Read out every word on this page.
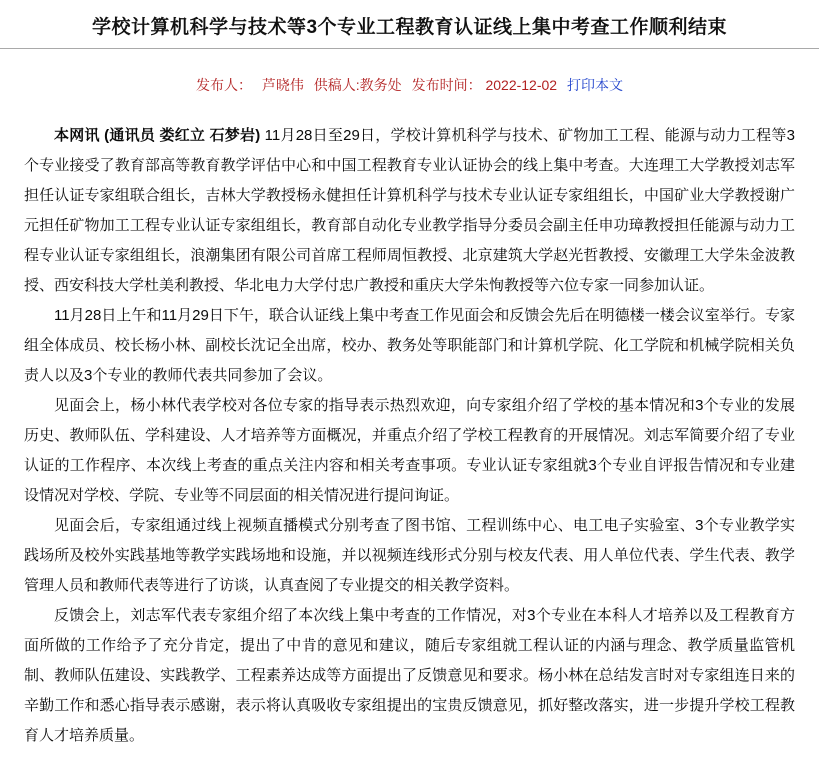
学校计算机科学与技术等3个专业工程教育认证线上集中考查工作顺利结束
发布人： 芦晓伟 供稿人:教务处 发布时间： 2022-12-02 打印本文

本网讯 (通讯员 娄红立 石梦岩) 11月28日至29日，学校计算机科学与技术、矿物加工工程、能源与动力工程等3个专业接受了教育部高等教育教学评估中心和中国工程教育专业认证协会的线上集中考查。大连理工大学教授刘志军担任认证专家组联合组长，吉林大学教授杨永健担任计算机科学与技术专业认证专家组组长，中国矿业大学教授谢广元担任矿物加工工程专业认证专家组组长，教育部自动化专业教学指导分委员会副主任申功璋教授担任能源与动力工程专业认证专家组组长，浪潮集团有限公司首席工程师周恒教授、北京建筑大学赵光哲教授、安徽理工大学朱金波教授、西安科技大学杜美利教授、华北电力大学付忠广教授和重庆大学朱恂教授等六位专家一同参加认证。

11月28日上午和11月29日下午，联合认证线上集中考查工作见面会和反馈会先后在明德楼一楼会议室举行。专家组全体成员、校长杨小林、副校长沈记全出席，校办、教务处等职能部门和计算机学院、化工学院和机械学院相关负责人以及3个专业的教师代表共同参加了会议。

见面会上，杨小林代表学校对各位专家的指导表示热烈欢迎，向专家组介绍了学校的基本情况和3个专业的发展历史、教师队伍、学科建设、人才培养等方面概况，并重点介绍了学校工程教育的开展情况。刘志军简要介绍了专业认证的工作程序、本次线上考查的重点关注内容和相关考查事项。专业认证专家组就3个专业自评报告情况和专业建设情况对学校、学院、专业等不同层面的相关情况进行提问询证。

见面会后，专家组通过线上视频直播模式分别考查了图书馆、工程训练中心、电工电子实验室、3个专业教学实践场所及校外实践基地等教学实践场地和设施，并以视频连线形式分别与校友代表、用人单位代表、学生代表、教学管理人员和教师代表等进行了访谈，认真查阅了专业提交的相关教学资料。

反馈会上，刘志军代表专家组介绍了本次线上集中考查的工作情况，对3个专业在本科人才培养以及工程教育方面所做的工作给予了充分肯定，提出了中肯的意见和建议，随后专家组就工程认证的内涵与理念、教学质量监管机制、教师队伍建设、实践教学、工程素养达成等方面提出了反馈意见和要求。杨小林在总结发言时对专家组连日来的辛勤工作和悉心指导表示感谢，表示将认真吸收专家组提出的宝贵反馈意见，抓好整改落实，进一步提升学校工程教育人才培养质量。
